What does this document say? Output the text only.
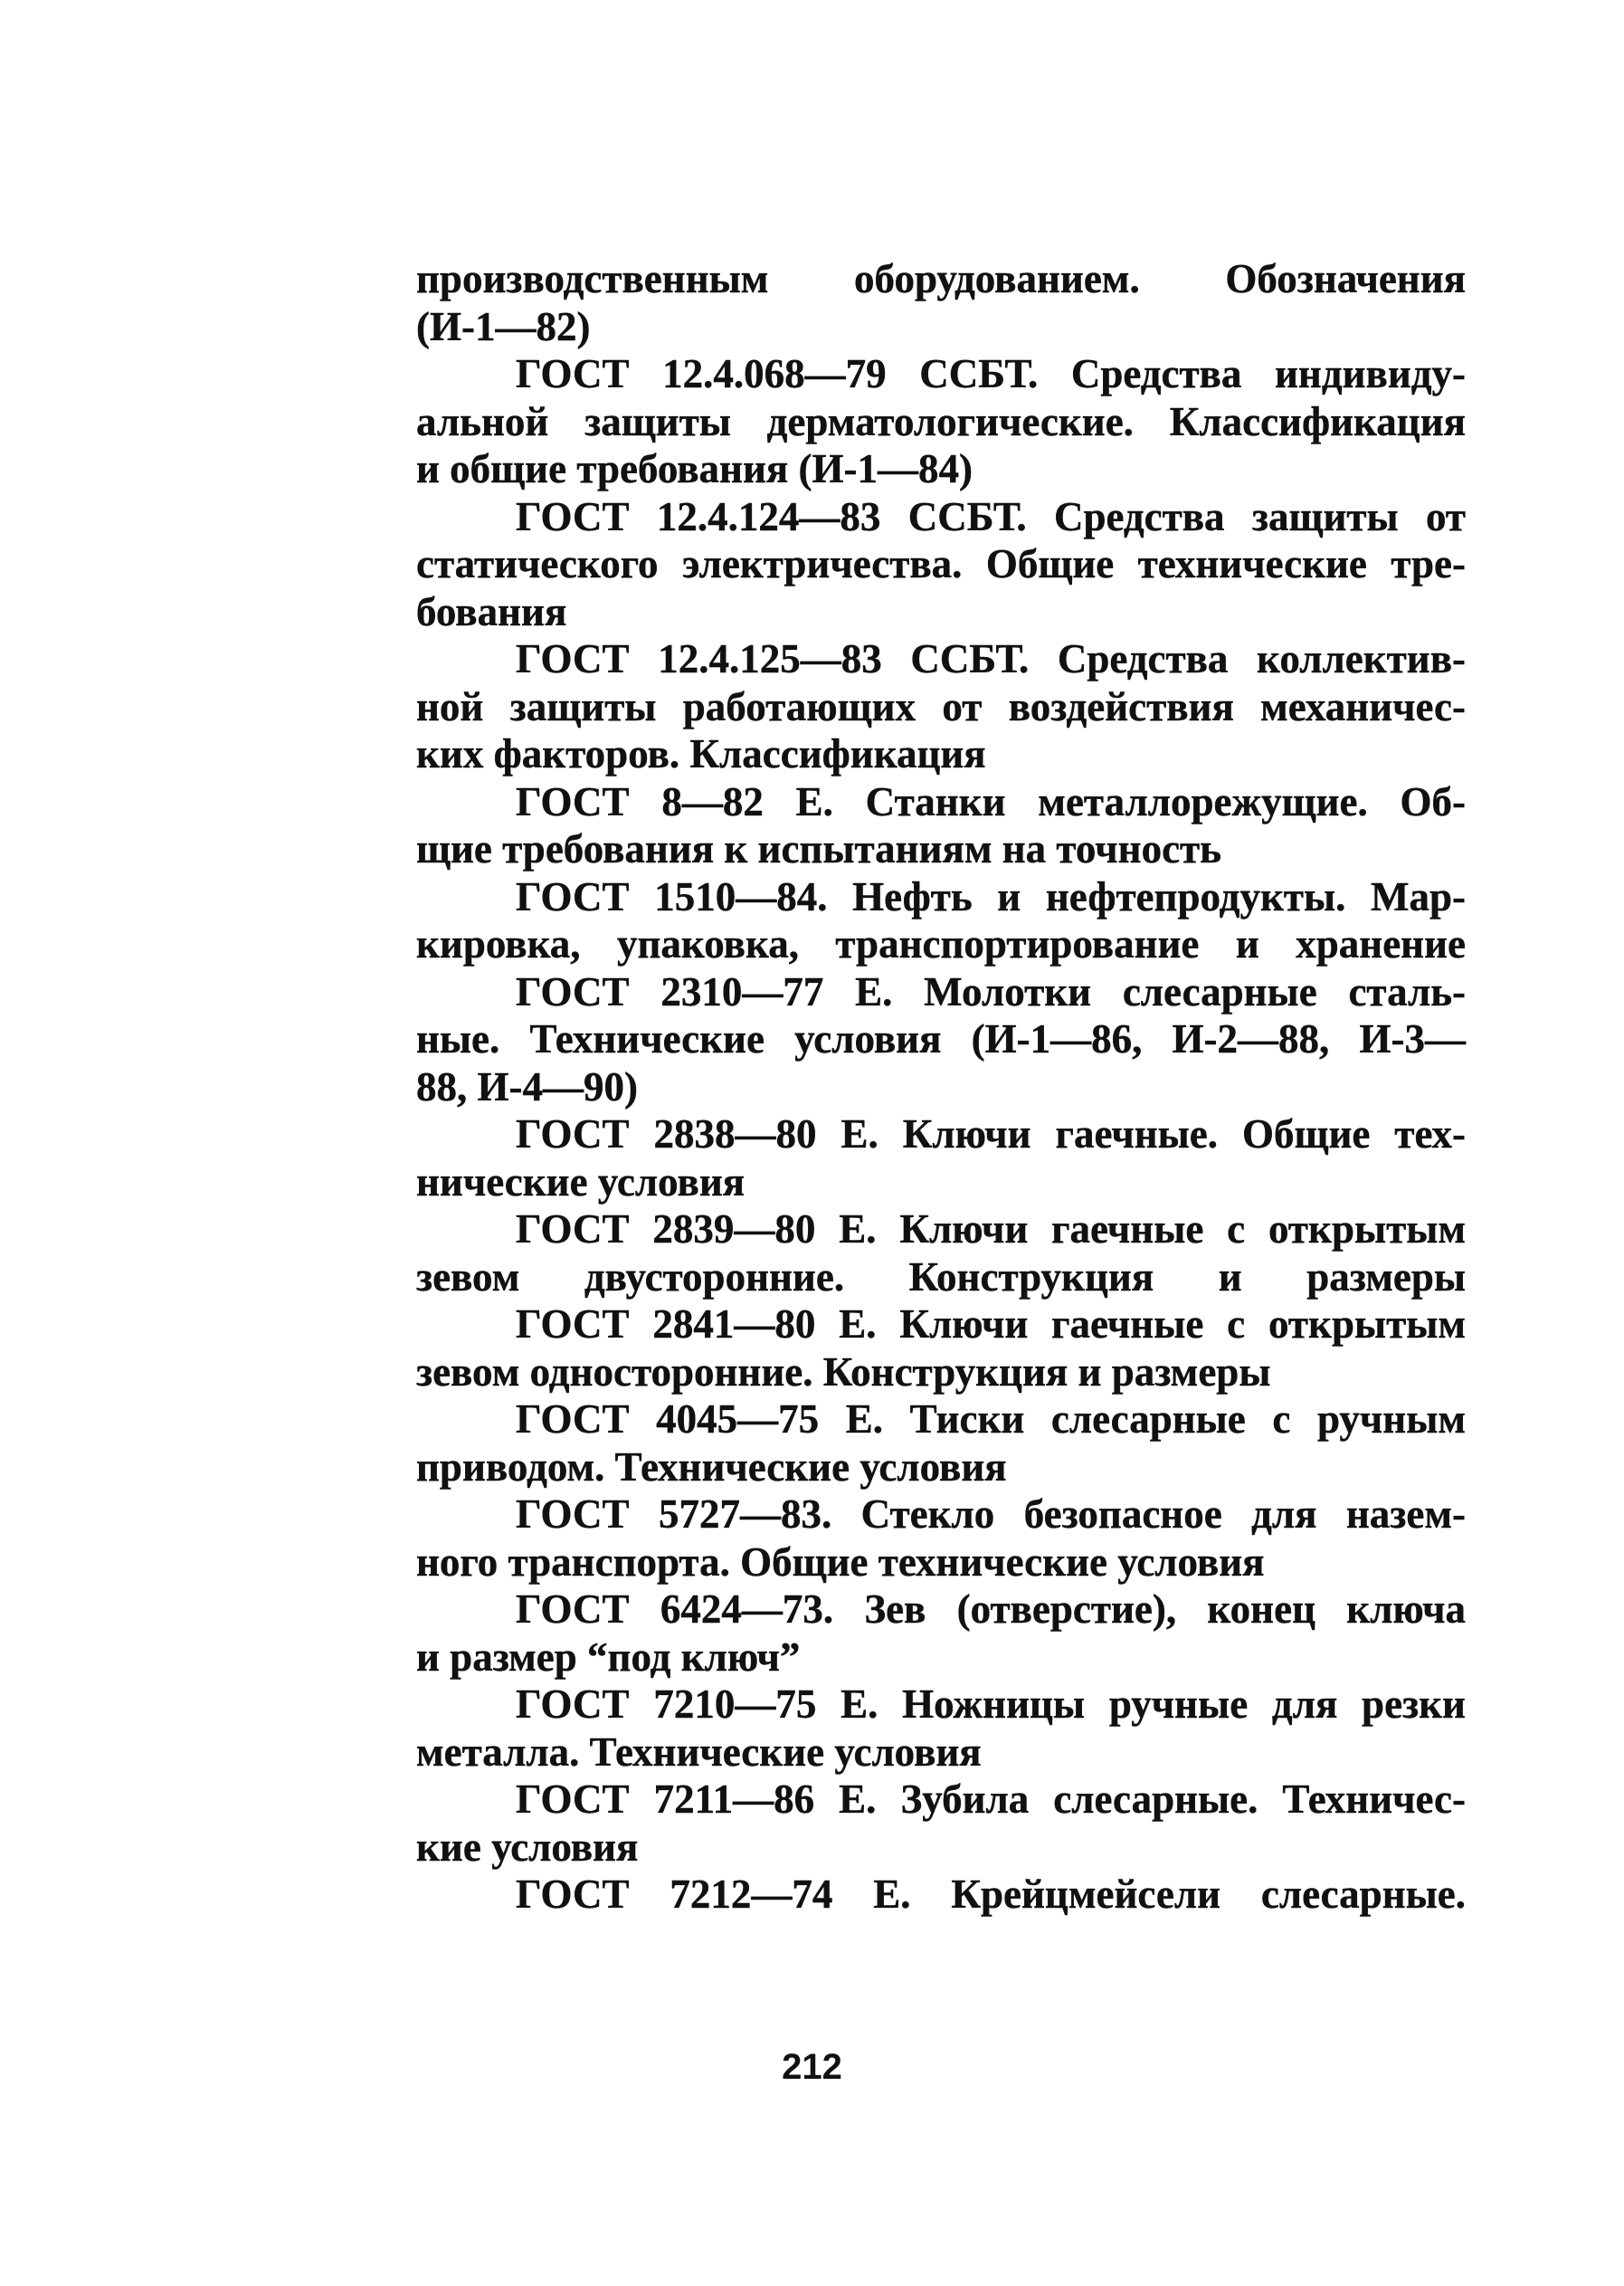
производственным оборудованием. Обозначения
(И-1—82)
ГОСТ 12.4.068—79 ССБТ. Средства индивиду-
альной защиты дерматологические. Классификация
и общие требования (И-1—84)
ГОСТ 12.4.124—83 ССБТ. Средства защиты от
статического электричества. Общие технические тре-
бования
ГОСТ 12.4.125—83 ССБТ. Средства коллектив-
ной защиты работающих от воздействия механичес-
ких факторов. Классификация
ГОСТ 8—82 Е. Станки металлорежущие. Об-
щие требования к испытаниям на точность
ГОСТ 1510—84. Нефть и нефтепродукты. Мар-
кировка, упаковка, транспортирование и хранение
ГОСТ 2310—77 Е. Молотки слесарные сталь-
ные. Технические условия (И-1—86, И-2—88, И-3—
88, И-4—90)
ГОСТ 2838—80 Е. Ключи гаечные. Общие тех-
нические условия
ГОСТ 2839—80 Е. Ключи гаечные с открытым
зевом двусторонние. Конструкция и размеры
ГОСТ 2841—80 Е. Ключи гаечные с открытым
зевом односторонние. Конструкция и размеры
ГОСТ 4045—75 Е. Тиски слесарные с ручным
приводом. Технические условия
ГОСТ 5727—83. Стекло безопасное для назем-
ного транспорта. Общие технические условия
ГОСТ 6424—73. Зев (отверстие), конец ключа
и размер “под ключ”
ГОСТ 7210—75 Е. Ножницы ручные для резки
металла. Технические условия
ГОСТ 7211—86 Е. Зубила слесарные. Техничес-
кие условия
ГОСТ 7212—74 Е. Крейцмейсели слесарные.
212
